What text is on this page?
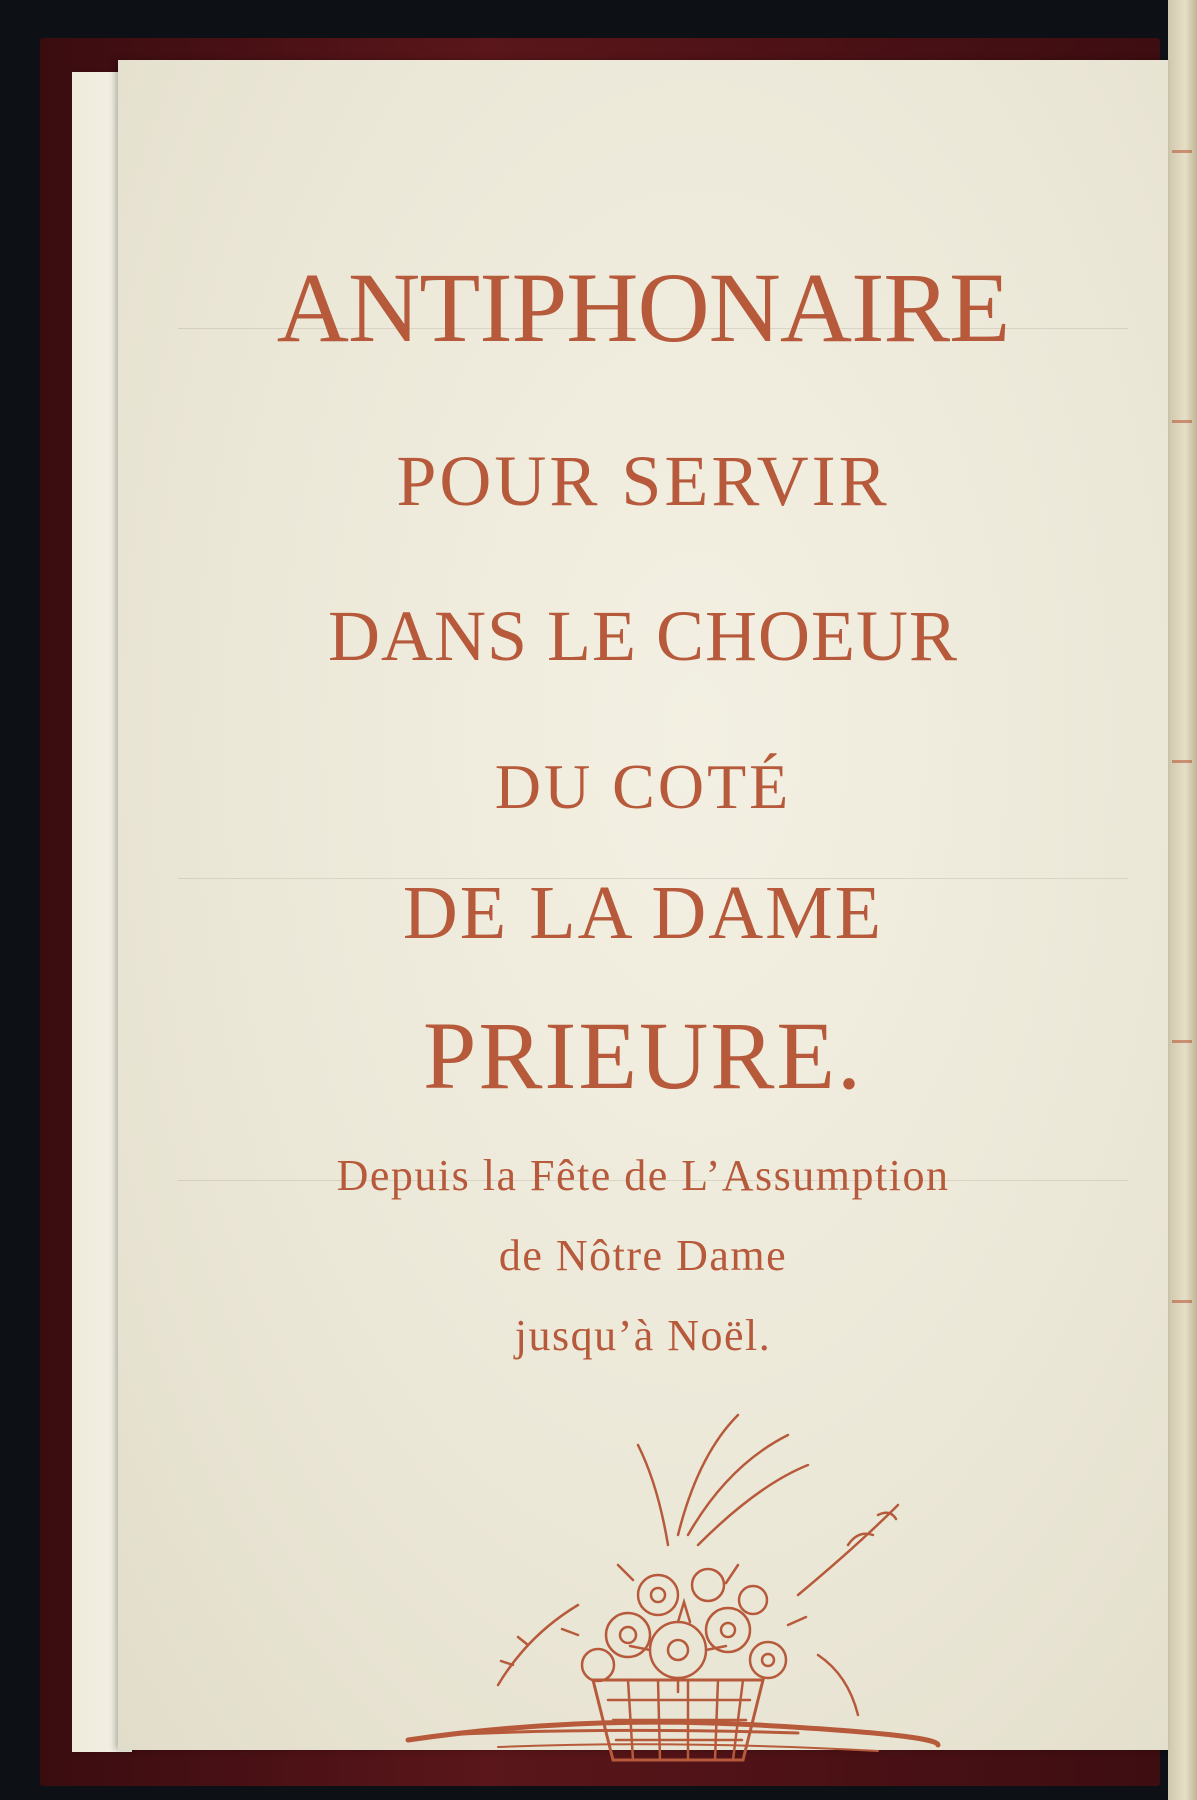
ANTIPHONAIRE
POUR SERVIR
DANS LE CHOEUR
DU COTÉ
DE LA DAME
PRIEURE.
Depuis la Fête de L’Assumption
de Nôtre Dame
jusqu’à Noël.
